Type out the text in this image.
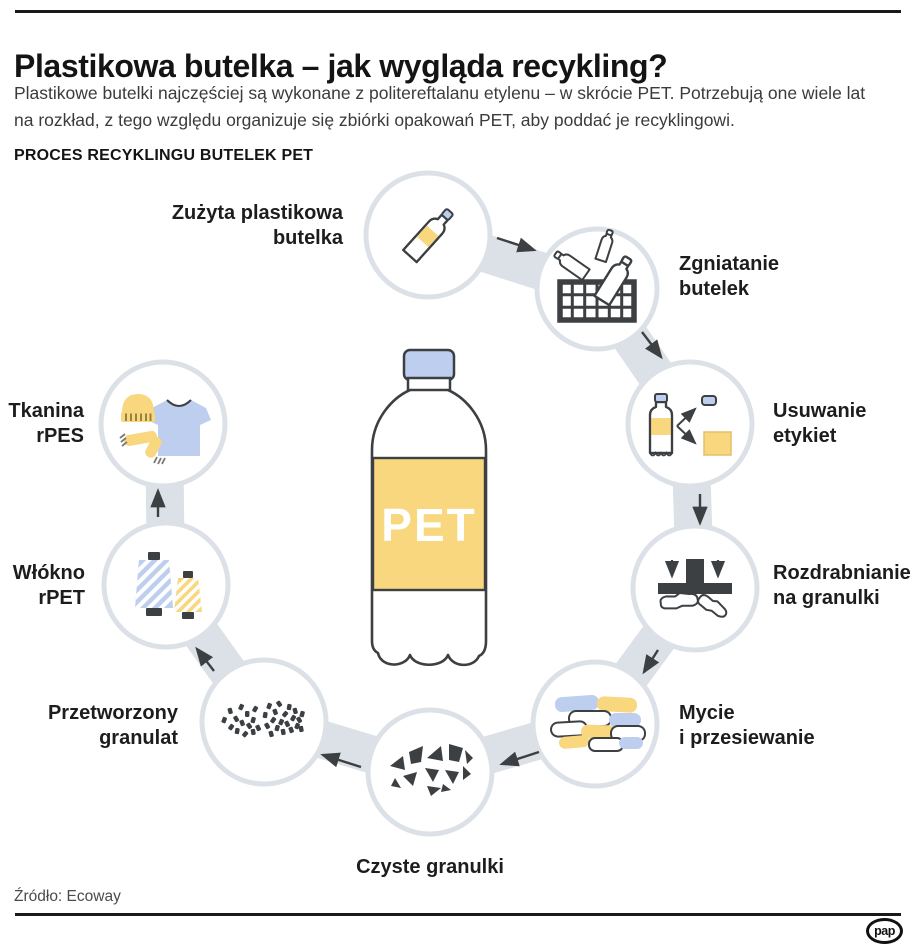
Plastikowa butelka – jak wygląda recykling?
Plastikowe butelki najczęściej są wykonane z politereftalanu etylenu – w skrócie PET. Potrzebują one wiele lat
na rozkład, z tego względu organizuje się zbiórki opakowań PET, aby poddać je recyklingowi.
PROCES RECYKLINGU BUTELEK PET
PET
Zużyta plastikowa
butelka
Zgniatanie
butelek
Usuwanie
etykiet
Rozdrabnianie
na granulki
Mycie
i przesiewanie
Czyste granulki
Przetworzony
granulat
Włókno
rPET
Tkanina
rPES
Źródło: Ecoway
pap
